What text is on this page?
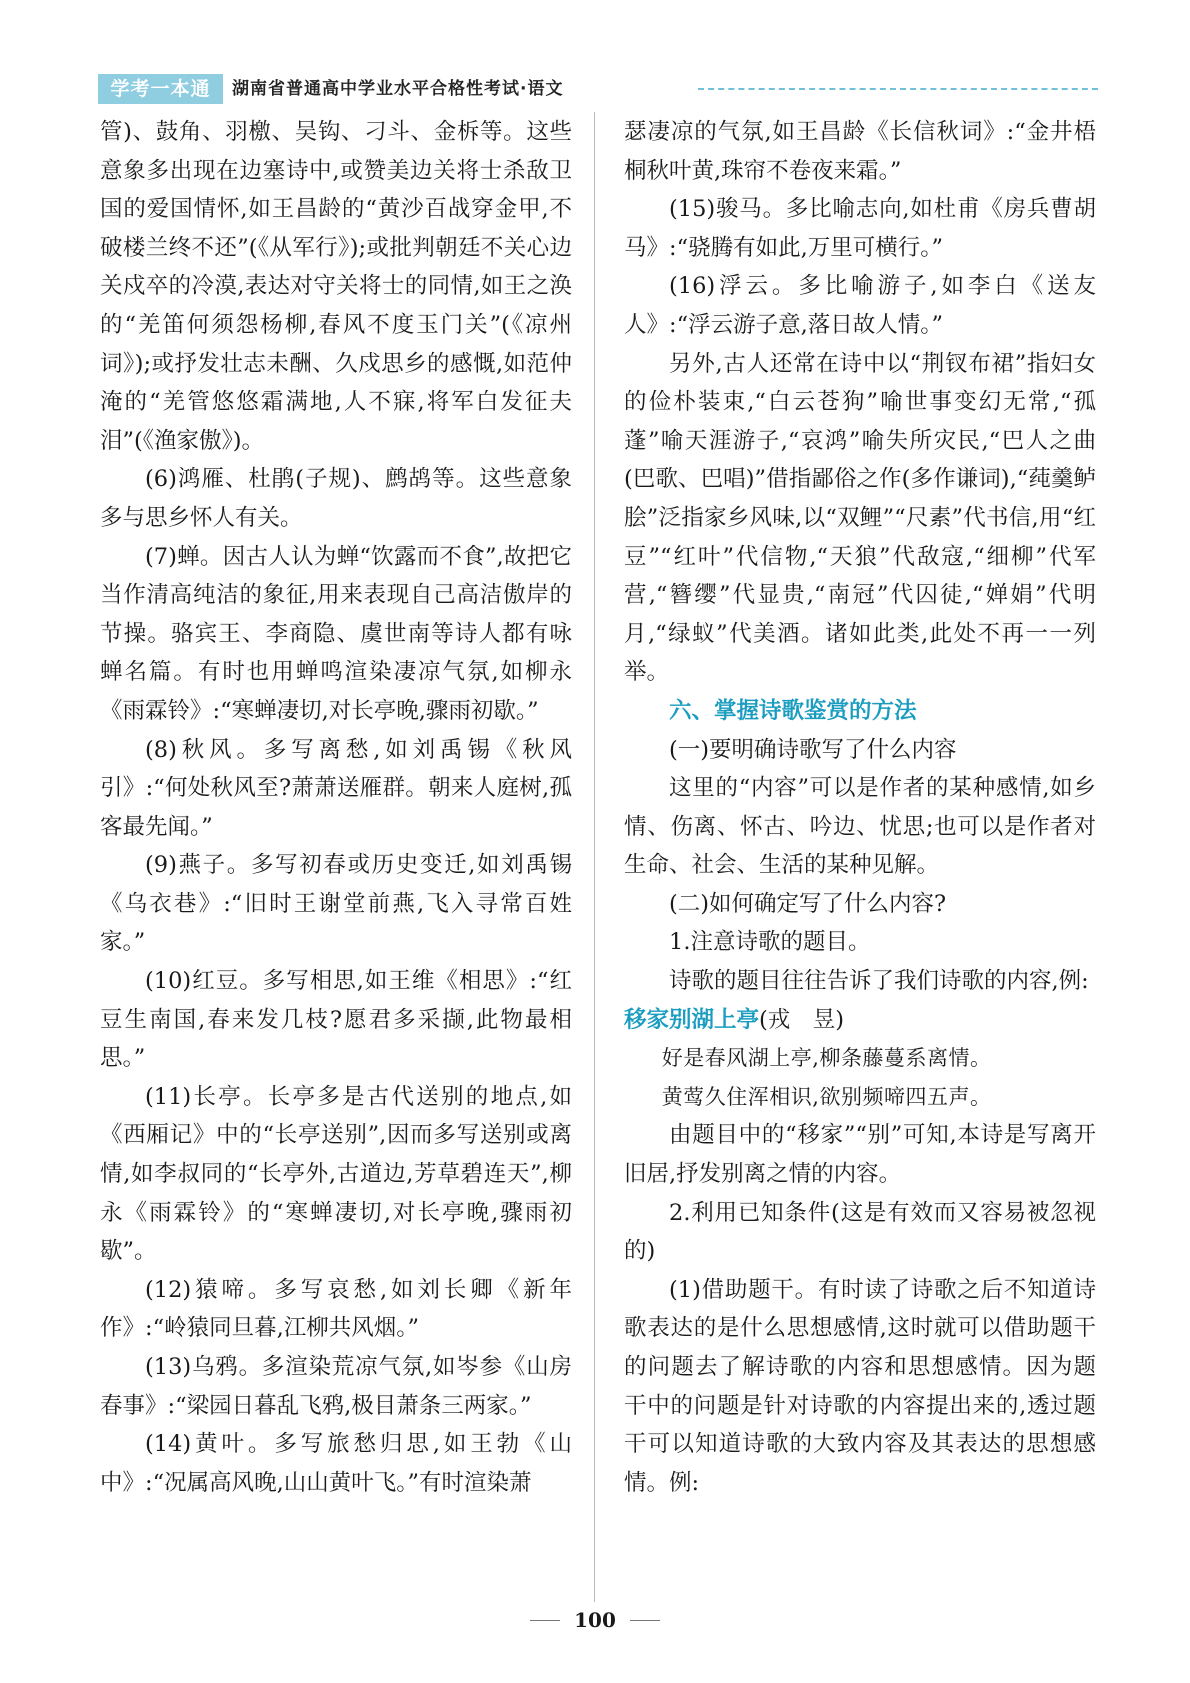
学考一本通	湖南省普通高中学业水平合格性考试·语文

管)、鼓角、羽檄、吴钩、刁斗、金柝等。这些意象多出现在边塞诗中,或赞美边关将士杀敌卫国的爱国情怀,如王昌龄的“黄沙百战穿金甲,不破楼兰终不还”(《从军行》);或批判朝廷不关心边关戍卒的冷漠,表达对守关将士的同情,如王之涣的“羌笛何须怨杨柳,春风不度玉门关”(《凉州词》);或抒发壮志未酬、久戍思乡的感慨,如范仲淹的“羌管悠悠霜满地,人不寐,将军白发征夫泪”(《渔家傲》)。

(6)鸿雁、杜鹃(子规)、鹧鸪等。这些意象多与思乡怀人有关。

(7)蝉。因古人认为蝉“饮露而不食”,故把它当作清高纯洁的象征,用来表现自己高洁傲岸的节操。骆宾王、李商隐、虞世南等诗人都有咏蝉名篇。有时也用蝉鸣渲染凄凉气氛,如柳永《雨霖铃》:“寒蝉凄切,对长亭晚,骤雨初歇。”

(8)秋风。多写离愁,如刘禹锡《秋风引》:“何处秋风至?萧萧送雁群。朝来人庭树,孤客最先闻。”

(9)燕子。多写初春或历史变迁,如刘禹锡《乌衣巷》:“旧时王谢堂前燕,飞入寻常百姓家。”

(10)红豆。多写相思,如王维《相思》:“红豆生南国,春来发几枝?愿君多采撷,此物最相思。”

(11)长亭。长亭多是古代送别的地点,如《西厢记》中的“长亭送别”,因而多写送别或离情,如李叔同的“长亭外,古道边,芳草碧连天”,柳永《雨霖铃》的“寒蝉凄切,对长亭晚,骤雨初歇”。

(12)猿啼。多写哀愁,如刘长卿《新年作》:“岭猿同旦暮,江柳共风烟。”

(13)乌鸦。多渲染荒凉气氛,如岑参《山房春事》:“梁园日暮乱飞鸦,极目萧条三两家。”

(14)黄叶。多写旅愁归思,如王勃《山中》:“况属高风晚,山山黄叶飞。”有时渲染萧

瑟凄凉的气氛,如王昌龄《长信秋词》:“金井梧桐秋叶黄,珠帘不卷夜来霜。”

(15)骏马。多比喻志向,如杜甫《房兵曹胡马》:“骁腾有如此,万里可横行。”

(16)浮云。多比喻游子,如李白《送友人》:“浮云游子意,落日故人情。”

另外,古人还常在诗中以“荆钗布裙”指妇女的俭朴装束,“白云苍狗”喻世事变幻无常,“孤蓬”喻天涯游子,“哀鸿”喻失所灾民,“巴人之曲(巴歌、巴唱)”借指鄙俗之作(多作谦词),“莼羹鲈脍”泛指家乡风味,以“双鲤”“尺素”代书信,用“红豆”“红叶”代信物,“天狼”代敌寇,“细柳”代军营,“簪缨”代显贵,“南冠”代囚徒,“婵娟”代明月,“绿蚁”代美酒。诸如此类,此处不再一一列举。

六、掌握诗歌鉴赏的方法

(一)要明确诗歌写了什么内容

这里的“内容”可以是作者的某种感情,如乡情、伤离、怀古、吟边、忧思;也可以是作者对生命、社会、生活的某种见解。

(二)如何确定写了什么内容?

1.注意诗歌的题目。

诗歌的题目往往告诉了我们诗歌的内容,例:

移家别湖上亭(戎　昱)

好是春风湖上亭,柳条藤蔓系离情。

黄莺久住浑相识,欲别频啼四五声。

由题目中的“移家”“别”可知,本诗是写离开旧居,抒发别离之情的内容。

2.利用已知条件(这是有效而又容易被忽视的)

(1)借助题干。有时读了诗歌之后不知道诗歌表达的是什么思想感情,这时就可以借助题干的问题去了解诗歌的内容和思想感情。因为题干中的问题是针对诗歌的内容提出来的,透过题干可以知道诗歌的大致内容及其表达的思想感情。例:

100
